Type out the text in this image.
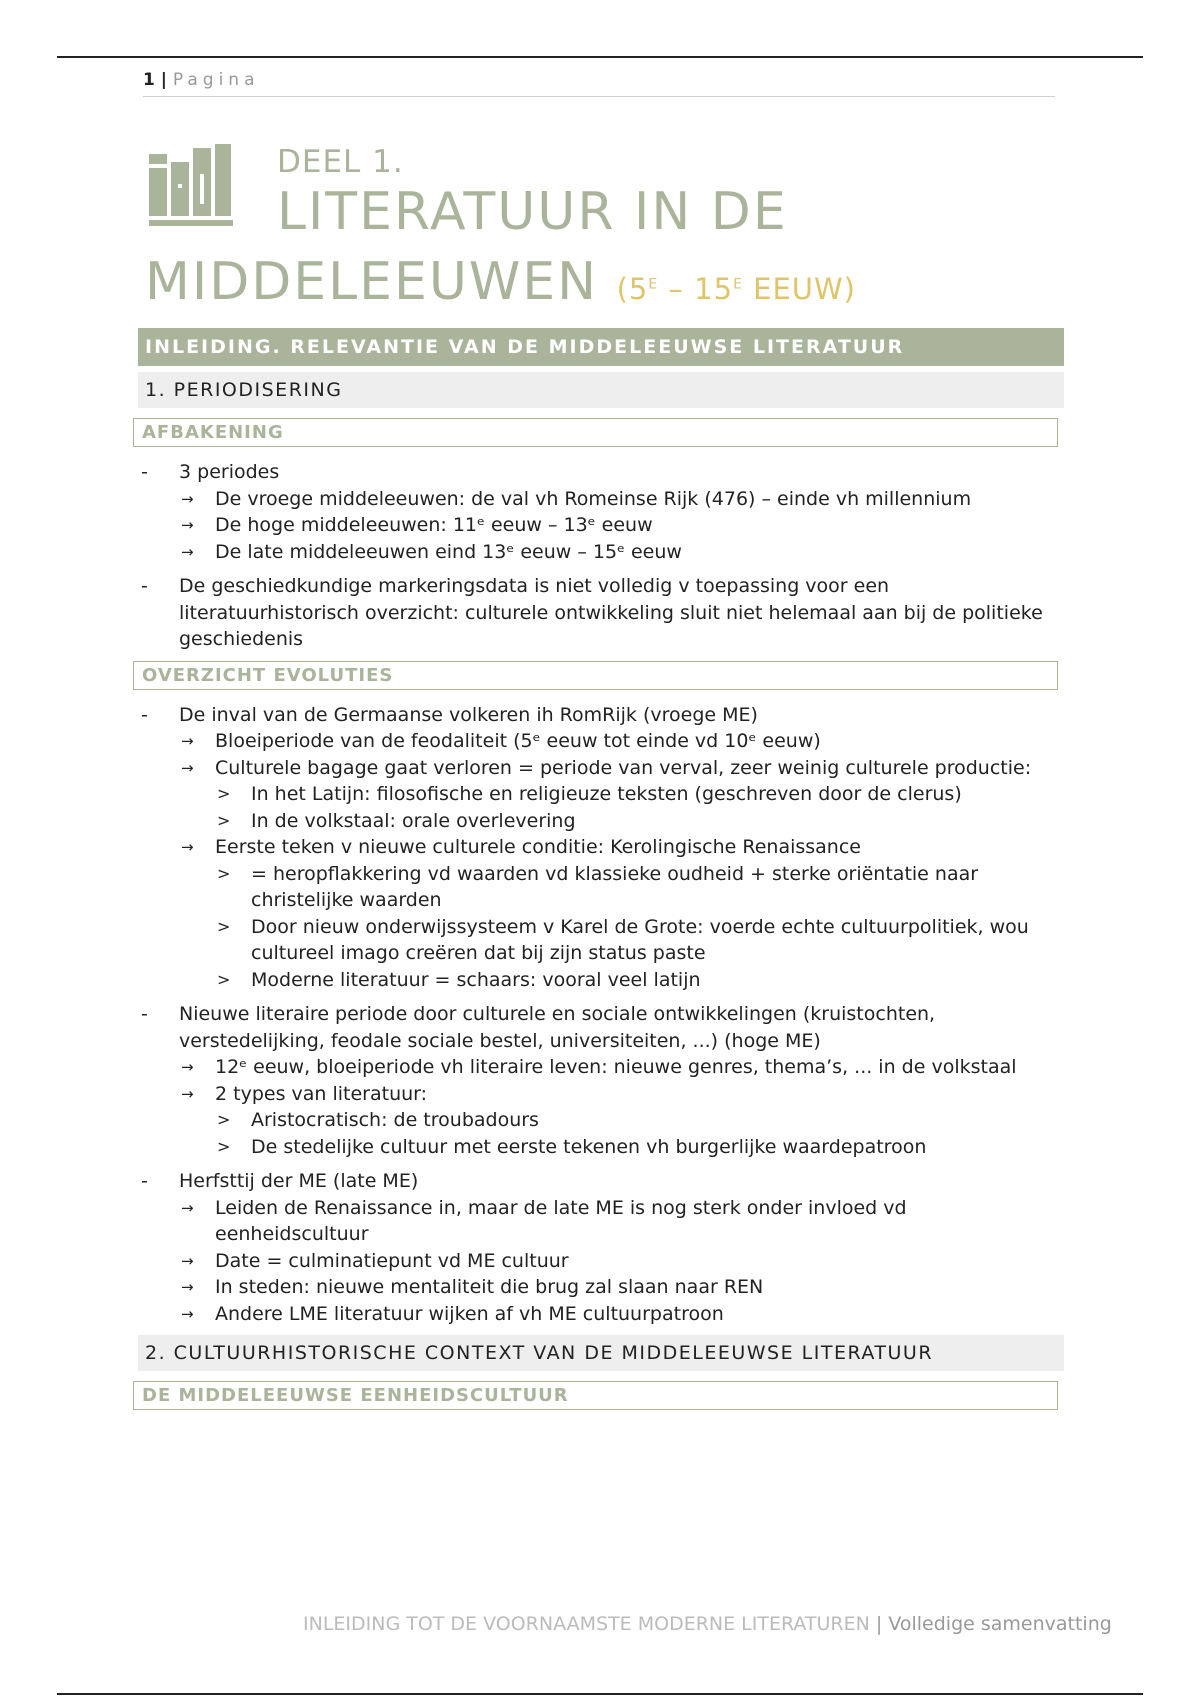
1 | Pagina
DEEL 1.
LITERATUUR IN DE
MIDDELEEUWEN ($5^E - 15^E$ EEUW)
INLEIDING. RELEVANTIE VAN DE MIDDELEEUWSE LITERATUUR
1. PERIODISERING
AFBAKENING
- 3 periodes
→ De vroege middeleeuwen: de val vh Romeinse Rijk (476) – einde vh millennium
→ De hoge middeleeuwen: 11ᵉ eeuw – 13ᵉ eeuw
→ De late middeleeuwen eind 13ᵉ eeuw – 15ᵉ eeuw
- De geschiedkundige markeringsdata is niet volledig v toepassing voor een literatuurhistorisch overzicht: culturele ontwikkeling sluit niet helemaal aan bij de politieke geschiedenis
OVERZICHT EVOLUTIES
- De inval van de Germaanse volkeren ih RomRijk (vroege ME)
→ Bloeiperiode van de feodaliteit (5ᵉ eeuw tot einde vd 10ᵉ eeuw)
→ Culturele bagage gaat verloren = periode van verval, zeer weinig culturele productie:
> In het Latijn: filosofische en religieuze teksten (geschreven door de clerus)
> In de volkstaal: orale overlevering
→ Eerste teken v nieuwe culturele conditie: Kerolingische Renaissance
> = heropflakkering vd waarden vd klassieke oudheid + sterke oriëntatie naar christelijke waarden
> Door nieuw onderwijssysteem v Karel de Grote: voerde echte cultuurpolitiek, wou cultureel imago creëren dat bij zijn status paste
> Moderne literatuur = schaars: vooral veel latijn
- Nieuwe literaire periode door culturele en sociale ontwikkelingen (kruistochten, verstedelijking, feodale sociale bestel, universiteiten, ...) (hoge ME)
→ 12ᵉ eeuw, bloeiperiode vh literaire leven: nieuwe genres, thema’s, ... in de volkstaal
→ 2 types van literatuur:
> Aristocratisch: de troubadours
> De stedelijke cultuur met eerste tekenen vh burgerlijke waardepatroon
- Herfsttij der ME (late ME)
→ Leiden de Renaissance in, maar de late ME is nog sterk onder invloed vd eenheidscultuur
→ Date = culminatiepunt vd ME cultuur
→ In steden: nieuwe mentaliteit die brug zal slaan naar REN
→ Andere LME literatuur wijken af vh ME cultuurpatroon
2. CULTUURHISTORISCHE CONTEXT VAN DE MIDDELEEUWSE LITERATUUR
DE MIDDELEEUWSE EENHEIDSCULTUUR
INLEIDING TOT DE VOORNAAMSTE MODERNE LITERATUREN | Volledige samenvatting
